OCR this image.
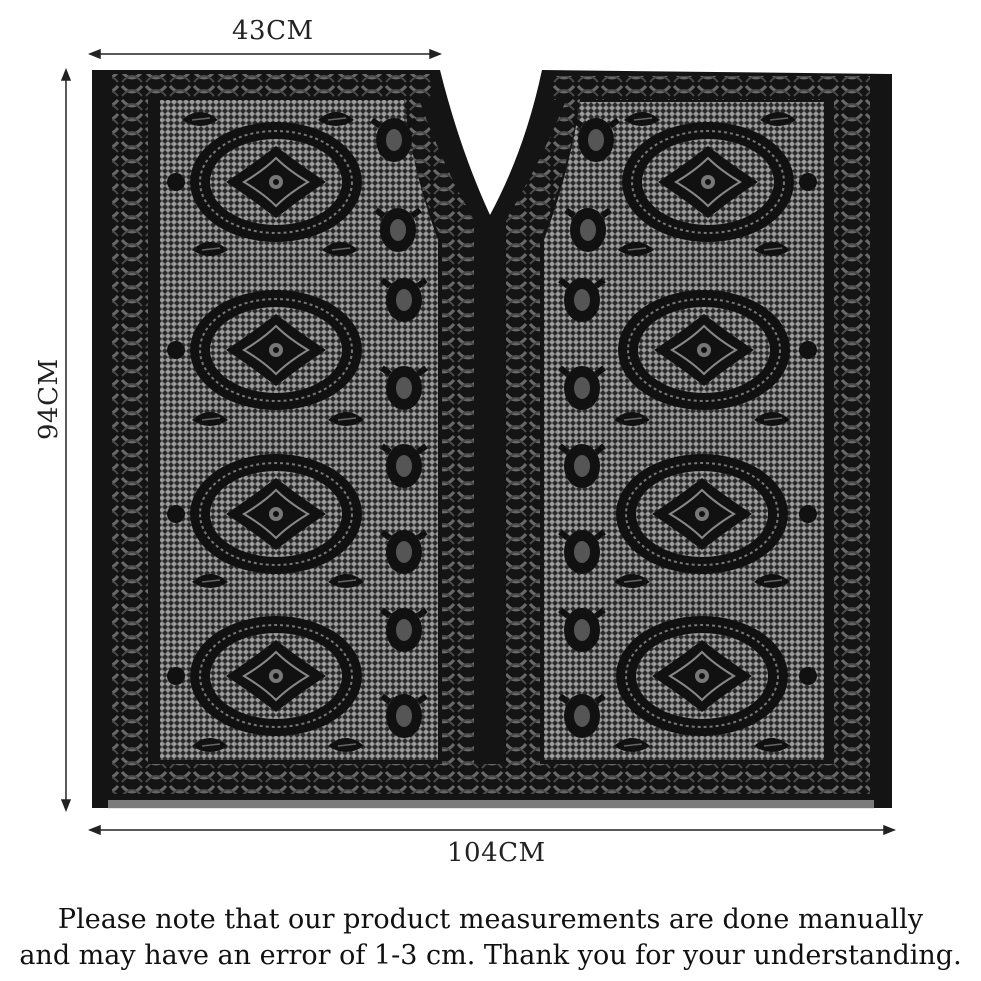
43CM
94CM
104CM
Please note that our product measurements are done manually
and may have an error of 1-3 cm. Thank you for your understanding.
